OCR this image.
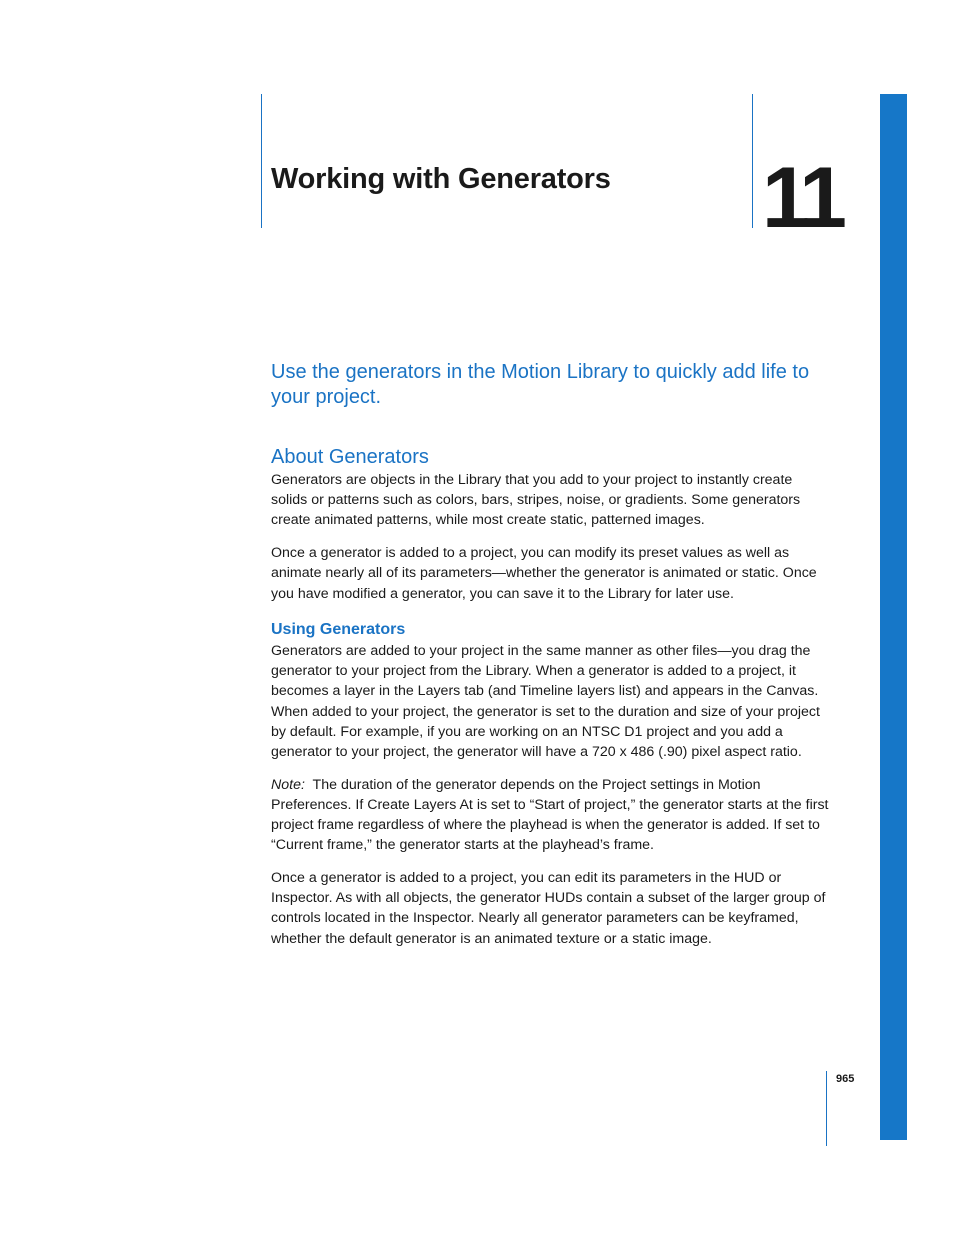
Working with Generators 11

Use the generators in the Motion Library to quickly add life to your project.

About Generators

Generators are objects in the Library that you add to your project to instantly create solids or patterns such as colors, bars, stripes, noise, or gradients. Some generators create animated patterns, while most create static, patterned images.

Once a generator is added to a project, you can modify its preset values as well as animate nearly all of its parameters—whether the generator is animated or static. Once you have modified a generator, you can save it to the Library for later use.

Using Generators

Generators are added to your project in the same manner as other files—you drag the generator to your project from the Library. When a generator is added to a project, it becomes a layer in the Layers tab (and Timeline layers list) and appears in the Canvas. When added to your project, the generator is set to the duration and size of your project by default. For example, if you are working on an NTSC D1 project and you add a generator to your project, the generator will have a 720 x 486 (.90) pixel aspect ratio.

Note:  The duration of the generator depends on the Project settings in Motion Preferences. If Create Layers At is set to “Start of project,” the generator starts at the first project frame regardless of where the playhead is when the generator is added. If set to “Current frame,” the generator starts at the playhead’s frame.

Once a generator is added to a project, you can edit its parameters in the HUD or Inspector. As with all objects, the generator HUDs contain a subset of the larger group of controls located in the Inspector. Nearly all generator parameters can be keyframed, whether the default generator is an animated texture or a static image.

965
